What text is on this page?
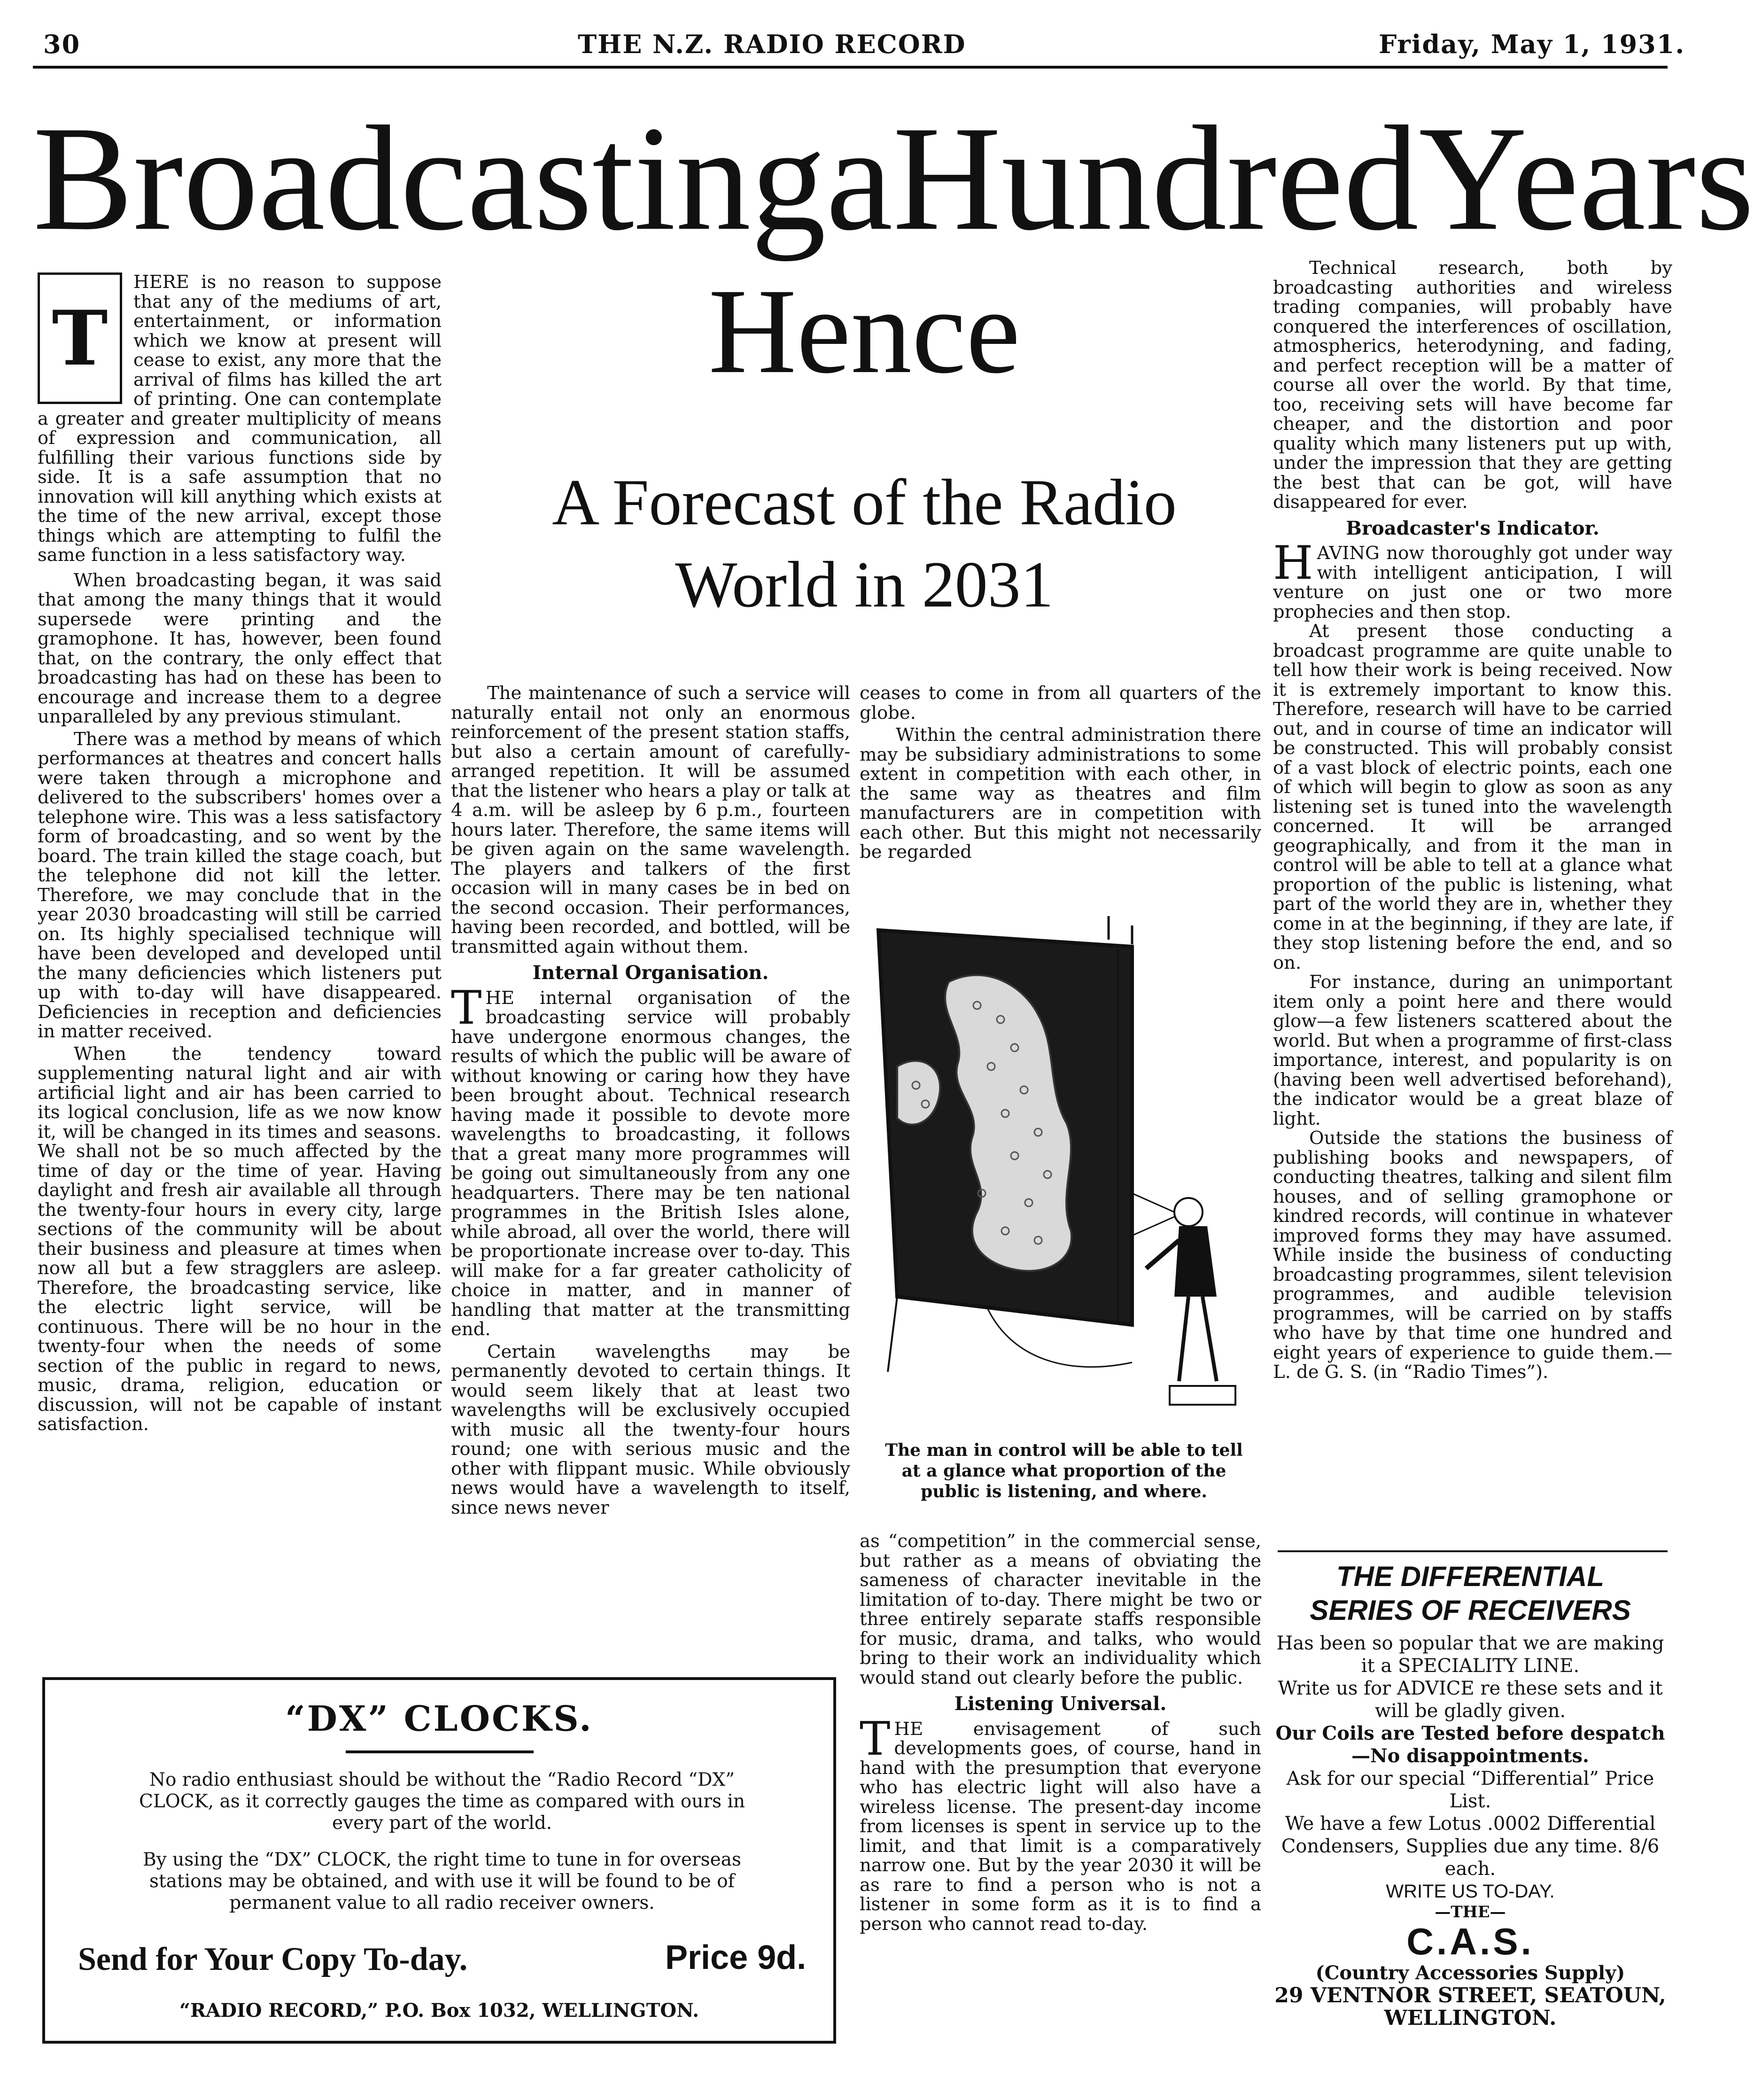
30	THE N.Z. RADIO RECORD	Friday, May 1, 1931.
Broadcasting a Hundred Years
Hence
A Forecast of the Radio
World in 2031
T

HERE is no reason to suppose that any of the mediums of art, entertainment, or information which we know at present will cease to exist, any more that the arrival of films has killed the art of printing. One can contemplate a greater and greater multiplicity of means of expression and communication, all fulfilling their various functions side by side. It is a safe assumption that no innovation will kill anything which exists at the time of the new arrival, except those things which are attempting to fulfil the same function in a less satisfactory way.

When broadcasting began, it was said that among the many things that it would supersede were printing and the gramophone. It has, however, been found that, on the contrary, the only effect that broadcasting has had on these has been to encourage and increase them to a degree unparalleled by any previous stimulant.

There was a method by means of which performances at theatres and concert halls were taken through a microphone and delivered to the subscribers' homes over a telephone wire. This was a less satisfactory form of broadcasting, and so went by the board. The train killed the stage coach, but the telephone did not kill the letter. Therefore, we may conclude that in the year 2030 broadcasting will still be carried on. Its highly specialised technique will have been developed and developed until the many deficiencies which listeners put up with to-day will have disappeared. Deficiencies in reception and deficiencies in matter received.

When the tendency toward supplementing natural light and air with artificial light and air has been carried to its logical conclusion, life as we now know it, will be changed in its times and seasons. We shall not be so much affected by the time of day or the time of year. Having daylight and fresh air available all through the twenty-four hours in every city, large sections of the community will be about their business and pleasure at times when now all but a few stragglers are asleep. Therefore, the broadcasting service, like the electric light service, will be continuous. There will be no hour in the twenty-four when the needs of some section of the public in regard to news, music, drama, religion, education or discussion, will not be capable of instant satisfaction.

The maintenance of such a service will naturally entail not only an enormous reinforcement of the present station staffs, but also a certain amount of carefully-arranged repetition. It will be assumed that the listener who hears a play or talk at 4 a.m. will be asleep by 6 p.m., fourteen hours later. Therefore, the same items will be given again on the same wavelength. The players and talkers of the first occasion will in many cases be in bed on the second occasion. Their performances, having been recorded, and bottled, will be transmitted again without them.

Internal Organisation.

THE internal organisation of the broadcasting service will probably have undergone enormous changes, the results of which the public will be aware of without knowing or caring how they have been brought about. Technical research having made it possible to devote more wavelengths to broadcasting, it follows that a great many more programmes will be going out simultaneously from any one headquarters. There may be ten national programmes in the British Isles alone, while abroad, all over the world, there will be proportionate increase over to-day. This will make for a far greater catholicity of choice in matter, and in manner of handling that matter at the transmitting end.

Certain wavelengths may be permanently devoted to certain things. It would seem likely that at least two wavelengths will be exclusively occupied with music all the twenty-four hours round; one with serious music and the other with flippant music. While obviously news would have a wavelength to itself, since news never

ceases to come in from all quarters of the globe.

Within the central administration there may be subsidiary administrations to some extent in competition with each other, in the same way as theatres and film manufacturers are in competition with each other. But this might not necessarily be regarded

The man in control will be able to tell at a glance what proportion of the public is listening, and where.

as “competition” in the commercial sense, but rather as a means of obviating the sameness of character inevitable in the limitation of to-day. There might be two or three entirely separate staffs responsible for music, drama, and talks, who would bring to their work an individuality which would stand out clearly before the public.

Listening Universal.

THE envisagement of such developments goes, of course, hand in hand with the presumption that everyone who has electric light will also have a wireless license. The present-day income from licenses is spent in service up to the limit, and that limit is a comparatively narrow one. But by the year 2030 it will be as rare to find a person who is not a listener in some form as it is to find a person who cannot read to-day.

Technical research, both by broadcasting authorities and wireless trading companies, will probably have conquered the interferences of oscillation, atmospherics, heterodyning, and fading, and perfect reception will be a matter of course all over the world. By that time, too, receiving sets will have become far cheaper, and the distortion and poor quality which many listeners put up with, under the impression that they are getting the best that can be got, will have disappeared for ever.

Broadcaster's Indicator.

HAVING now thoroughly got under way with intelligent anticipation, I will venture on just one or two more prophecies and then stop.

At present those conducting a broadcast programme are quite unable to tell how their work is being received. Now it is extremely important to know this. Therefore, research will have to be carried out, and in course of time an indicator will be constructed. This will probably consist of a vast block of electric points, each one of which will begin to glow as soon as any listening set is tuned into the wavelength concerned. It will be arranged geographically, and from it the man in control will be able to tell at a glance what proportion of the public is listening, what part of the world they are in, whether they come in at the beginning, if they are late, if they stop listening before the end, and so on.

For instance, during an unimportant item only a point here and there would glow—a few listeners scattered about the world. But when a programme of first-class importance, interest, and popularity is on (having been well advertised beforehand), the indicator would be a great blaze of light.

Outside the stations the business of publishing books and newspapers, of conducting theatres, talking and silent film houses, and of selling gramophone or kindred records, will continue in whatever improved forms they may have assumed. While inside the business of conducting broadcasting programmes, silent television programmes, and audible television programmes, will be carried on by staffs who have by that time one hundred and eight years of experience to guide them.—L. de G. S. (in “Radio Times”).

“DX” CLOCKS.
No radio enthusiast should be without the “Radio Record “DX” CLOCK, as it correctly gauges the time as compared with ours in every part of the world.
By using the “DX” CLOCK, the right time to tune in for overseas stations may be obtained, and with use it will be found to be of permanent value to all radio receiver owners.
Send for Your Copy To-day.	Price 9d.
“RADIO RECORD,” P.O. Box 1032, WELLINGTON.
THE DIFFERENTIAL
SERIES OF RECEIVERS
Has been so popular that we are making it a SPECIALITY LINE.
Write us for ADVICE re these sets and it will be gladly given.
Our Coils are Tested before despatch —No disappointments.
Ask for our special “Differential” Price List.
We have a few Lotus .0002 Differential Condensers, Supplies due any time. 8/6 each.
WRITE US TO-DAY.
—THE—
C.A.S.
(Country Accessories Supply)
29 VENTNOR STREET, SEATOUN,
WELLINGTON.
